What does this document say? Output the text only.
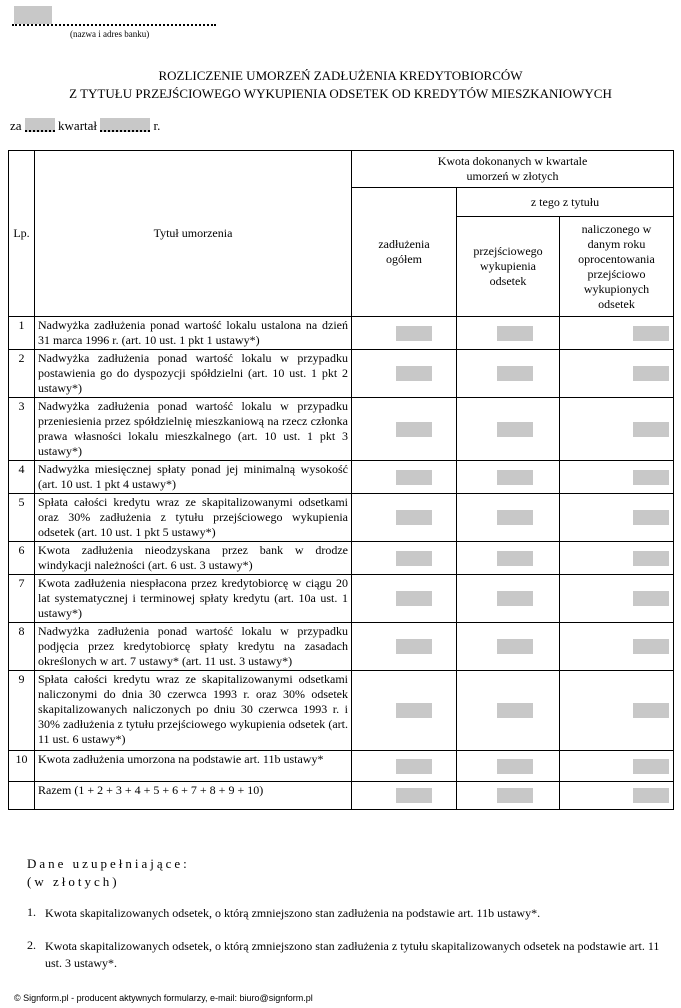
(nazwa i adres banku)
ROZLICZENIE UMORZEŃ ZADŁUŻENIA KREDYTOBIORCÓW
Z TYTUŁU PRZEJŚCIOWEGO WYKUPIENIA ODSETEK OD KREDYTÓW MIESZKANIOWYCH
za	kwartał	r.
Lp.	Tytuł umorzenia	Kwota dokonanych w kwartale umorzeń w złotych		
		zadłużenia ogółem	z tego z tytułu	
			przejściowego wykupienia odsetek	naliczonego w danym roku oprocentowania przejściowo wykupionych odsetek
1	Nadwyżka zadłużenia ponad wartość lokalu ustalona na dzień 31 marca 1996 r. (art. 10 ust. 1 pkt 1 ustawy*)	

2	Nadwyżka zadłużenia ponad wartość lokalu w przypadku postawienia go do dyspozycji spółdzielni (art. 10 ust. 1 pkt 2 ustawy*)	

3	Nadwyżka zadłużenia ponad wartość lokalu w przypadku przeniesienia przez spółdzielnię mieszkaniową na rzecz członka prawa własności lokalu mieszkalnego (art. 10 ust. 1 pkt 3 ustawy*)	

4	Nadwyżka miesięcznej spłaty ponad jej minimalną wysokość (art. 10 ust. 1 pkt 4 ustawy*)	

5	Spłata całości kredytu wraz ze skapitalizowanymi odsetkami oraz 30% zadłużenia z tytułu przejściowego wykupienia odsetek (art. 10 ust. 1 pkt 5 ustawy*)	

6	Kwota zadłużenia nieodzyskana przez bank w drodze windykacji należności (art. 6 ust. 3 ustawy*)	

7	Kwota zadłużenia niespłacona przez kredytobiorcę w ciągu 20 lat systematycznej i terminowej spłaty kredytu (art. 10a ust. 1 ustawy*)	

8	Nadwyżka zadłużenia ponad wartość lokalu w przypadku podjęcia przez kredytobiorcę spłaty kredytu na zasadach określonych w art. 7 ustawy* (art. 11 ust. 3 ustawy*)	

9	Spłata całości kredytu wraz ze skapitalizowanymi odsetkami naliczonymi do dnia 30 czerwca 1993 r. oraz 30% odsetek skapitalizowanych naliczonych po dniu 30 czerwca 1993 r. i 30% zadłużenia z tytułu przejściowego wykupienia odsetek (art. 11 ust. 6 ustawy*)	

10	Kwota zadłużenia umorzona na podstawie art. 11b ustawy*	

	Razem (1 + 2 + 3 + 4 + 5 + 6 + 7 + 8 + 9 + 10)	

Dane uzupełniające:
(w złotych)
1. Kwota skapitalizowanych odsetek, o którą zmniejszono stan zadłużenia na podstawie art. 11b ustawy*.
2. Kwota skapitalizowanych odsetek, o którą zmniejszono stan zadłużenia z tytułu skapitalizowanych odsetek na podstawie art. 11 ust. 3 ustawy*.
© Signform.pl - producent aktywnych formularzy, e-mail: biuro@signform.pl
